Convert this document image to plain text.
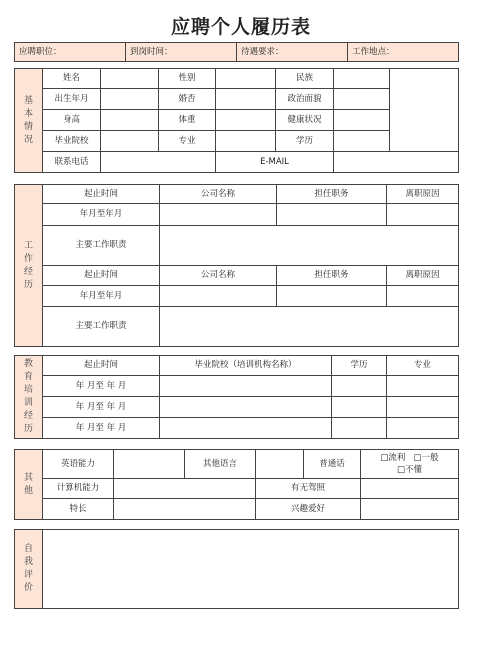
应聘个人履历表
应聘职位：	到岗时间：	待遇要求：	工作地点：
基本情况	姓名		性别		民族		
	出生年月		婚否		政治面貌		
	身高		体重		健康状况		
	毕业院校		专业		学历		
	联系电话			E-MAIL			
工作经历	起止时间	公司名称	担任职务	离职原因
	年月至年月			
	主要工作职责			
	起止时间	公司名称	担任职务	离职原因
	年月至年月			
	主要工作职责			
教育培训经历	起止时间	毕业院校（培训机构名称）	学历	专业
	年 月至 年 月			
	年 月至 年 月			
	年 月至 年 月			
其他	英语能力		其他语言		普通话	□流利 □一般
□不懂
	计算机能力			有无驾照		
	特长			兴趣爱好		
自我评价
